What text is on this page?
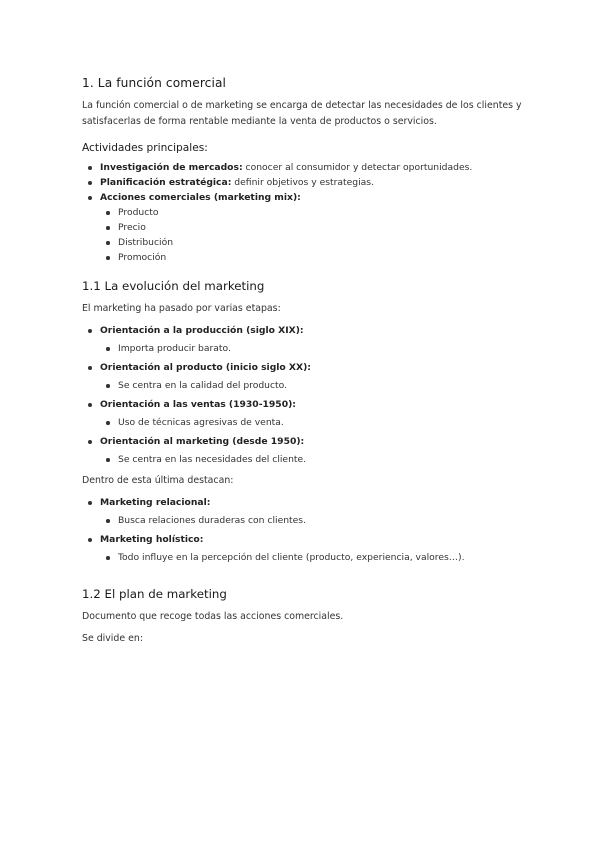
1. La función comercial

La función comercial o de marketing se encarga de detectar las necesidades de los clientes y satisfacerlas de forma rentable mediante la venta de productos o servicios.

Actividades principales:
Investigación de mercados: conocer al consumidor y detectar oportunidades.
Planificación estratégica: definir objetivos y estrategias.
Acciones comerciales (marketing mix):
Producto
Precio
Distribución
Promoción
1.1 La evolución del marketing

El marketing ha pasado por varias etapas:

Orientación a la producción (siglo XIX):
Importa producir barato.
Orientación al producto (inicio siglo XX):
Se centra en la calidad del producto.
Orientación a las ventas (1930-1950):
Uso de técnicas agresivas de venta.
Orientación al marketing (desde 1950):
Se centra en las necesidades del cliente.

Dentro de esta última destacan:

Marketing relacional:
Busca relaciones duraderas con clientes.
Marketing holístico:
Todo influye en la percepción del cliente (producto, experiencia, valores…).
1.2 El plan de marketing

Documento que recoge todas las acciones comerciales.

Se divide en:
